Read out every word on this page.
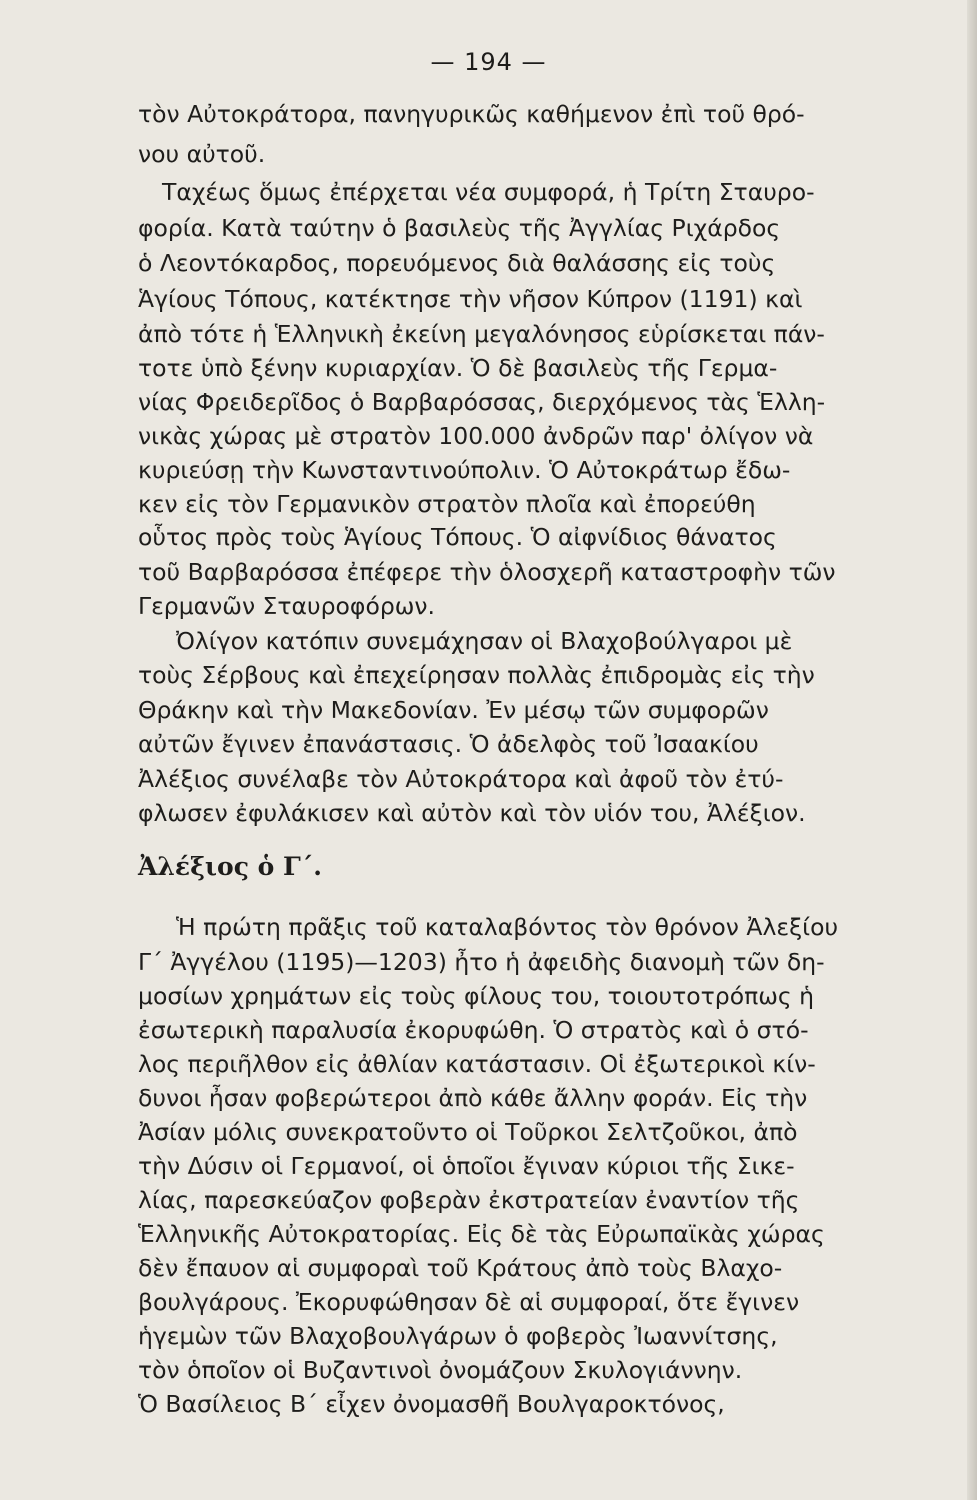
— 194 —
τὸν Αὐτοκράτορα, πανηγυρικῶς καθήμενον ἐπὶ τοῦ θρό-
νου αὐτοῦ.
Ταχέως ὅμως ἐπέρχεται νέα συμφορά, ἡ Τρίτη Σταυρο-
φορία. Κατὰ ταύτην ὁ βασιλεὺς τῆς Ἀγγλίας Ριχάρδος
ὁ Λεοντόκαρδος, πορευόμενος διὰ θαλάσσης εἰς τοὺς
Ἁγίους Τόπους, κατέκτησε τὴν νῆσον Κύπρον (1191) καὶ
ἀπὸ τότε ἡ Ἑλληνικὴ ἐκείνη μεγαλόνησος εὑρίσκεται πάν-
τοτε ὑπὸ ξένην κυριαρχίαν. Ὁ δὲ βασιλεὺς τῆς Γερμα-
νίας Φρειδερῖδος ὁ Βαρβαρόσσας, διερχόμενος τὰς Ἑλλη-
νικὰς χώρας μὲ στρατὸν 100.000 ἀνδρῶν παρ' ὀλίγον νὰ
κυριεύσῃ τὴν Κωνσταντινούπολιν. Ὁ Αὐτοκράτωρ ἔδω-
κεν εἰς τὸν Γερμανικὸν στρατὸν πλοῖα καὶ ἐπορεύθη
οὗτος πρὸς τοὺς Ἁγίους Τόπους. Ὁ αἰφνίδιος θάνατος
τοῦ Βαρβαρόσσα ἐπέφερε τὴν ὁλοσχερῆ καταστροφὴν τῶν
Γερμανῶν Σταυροφόρων.
Ὀλίγον κατόπιν συνεμάχησαν οἱ Βλαχοβούλγαροι μὲ
τοὺς Σέρβους καὶ ἐπεχείρησαν πολλὰς ἐπιδρομὰς εἰς τὴν
Θράκην καὶ τὴν Μακεδονίαν. Ἐν μέσῳ τῶν συμφορῶν
αὐτῶν ἔγινεν ἐπανάστασις. Ὁ ἀδελφὸς τοῦ Ἰσαακίου
Ἀλέξιος συνέλαβε τὸν Αὐτοκράτορα καὶ ἀφοῦ τὸν ἐτύ-
φλωσεν ἐφυλάκισεν καὶ αὐτὸν καὶ τὸν υἱόν του, Ἀλέξιον.
Ἀλέξιος ὁ Γ΄.
Ἡ πρώτη πρᾶξις τοῦ καταλαβόντος τὸν θρόνον Ἀλεξίου
Γ΄ Ἀγγέλου (1195)—1203) ἦτο ἡ ἀφειδὴς διανομὴ τῶν δη-
μοσίων χρημάτων εἰς τοὺς φίλους του, τοιουτοτρόπως ἡ
ἐσωτερικὴ παραλυσία ἐκορυφώθη. Ὁ στρατὸς καὶ ὁ στό-
λος περιῆλθον εἰς ἀθλίαν κατάστασιν. Οἱ ἐξωτερικοὶ κίν-
δυνοι ἦσαν φοβερώτεροι ἀπὸ κάθε ἄλλην φοράν. Εἰς τὴν
Ἀσίαν μόλις συνεκρατοῦντο οἱ Τοῦρκοι Σελτζοῦκοι, ἀπὸ
τὴν Δύσιν οἱ Γερμανοί, οἱ ὁποῖοι ἔγιναν κύριοι τῆς Σικε-
λίας, παρεσκεύαζον φοβερὰν ἐκστρατείαν ἐναντίον τῆς
Ἑλληνικῆς Αὐτοκρατορίας. Εἰς δὲ τὰς Εὐρωπαϊκὰς χώρας
δὲν ἔπαυον αἱ συμφοραὶ τοῦ Κράτους ἀπὸ τοὺς Βλαχο-
βουλγάρους. Ἐκορυφώθησαν δὲ αἱ συμφοραί, ὅτε ἔγινεν
ἡγεμὼν τῶν Βλαχοβουλγάρων ὁ φοβερὸς Ἰωαννίτσης,
τὸν ὁποῖον οἱ Βυζαντινοὶ ὀνομάζουν Σκυλογιάννην.
Ὁ Βασίλειος Β΄ εἶχεν ὀνομασθῆ Βουλγαροκτόνος,
